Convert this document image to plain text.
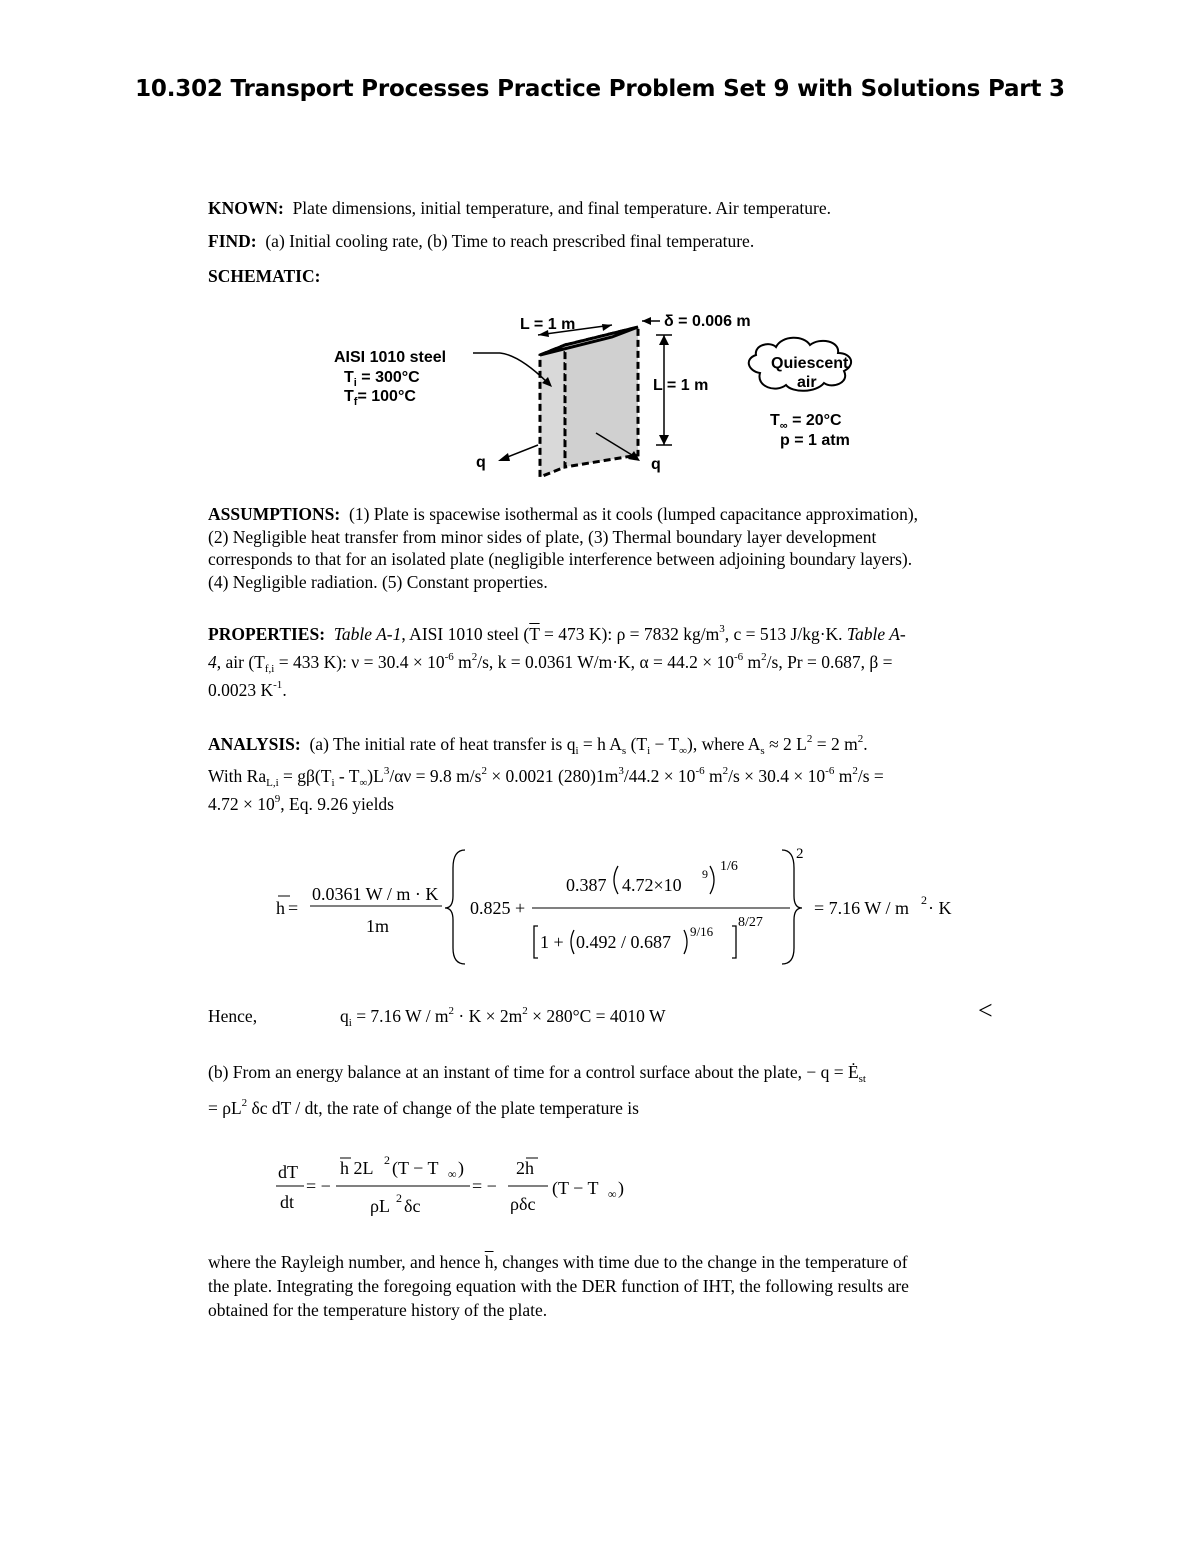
10.302 Transport Processes Practice Problem Set 9 with Solutions Part 3
KNOWN: Plate dimensions, initial temperature, and final temperature. Air temperature.
FIND: (a) Initial cooling rate, (b) Time to reach prescribed final temperature.
SCHEMATIC:
L = 1 m	δ = 0.006 m
L = 1 m
AISI 1010 steel
$T_i = 300^\circ C$
$T_f= 100^\circ C$
q	q
Quiescent
air
$T_\infty = 20^\circ C$
p = 1 atm
ASSUMPTIONS: (1) Plate is spacewise isothermal as it cools (lumped capacitance approximation),
(2) Negligible heat transfer from minor sides of plate, (3) Thermal boundary layer development
corresponds to that for an isolated plate (negligible interference between adjoining boundary layers).
(4) Negligible radiation. (5) Constant properties.
PROPERTIES: Table A-1, AISI 1010 steel ($\overline{T} = 473$ K): ρ = 7832 $kg/m^3$, c = 513 J/kg·K. Table A-
4, air ($T_{f,i} = 433$ K): $\nu = 30.4 \times 10^{-6}$ $m^2/s$, k = 0.0361 W/m·K, $\alpha = 44.2 \times 10^{-6}$ $m^2/s$, Pr = 0.687, β =
0.0023 $K^{-1}$.
ANALYSIS: (a) The initial rate of heat transfer is $q_i = h$ $A_s$ $(T_i - T_\infty)$, where $A_s \approx 2$ $L^2 = 2$ $m^2$.
With $Ra_{L,i} = g\beta(T_i - T_\infty)L^3/\alpha\nu = 9.8$ $m/s^2 \times 0.0021$ $(280)1m^3/44.2 \times 10^{-6}$ $m^2/s \times 30.4 \times 10^{-6}$ $m^2/s$ =
$4.72 \times 10^9$, Eq. 9.26 yields
h =
0.0361 W / m · K
1m
0.825 +
0.387 4.72×10
9 1/6
1 + 0.492 / 0.687
9/16
8/27
2
= 7.16 W / m 2 · K
Hence,	$q_i = 7.16$ $W / m^2 \cdot K \times 2m^2 \times 280^\circ C = 4010$ W	<
(b) From an energy balance at an instant of time for a control surface about the plate, − $q = Ė_{st}$
= $\rho L^2$ δc dT / dt, the rate of change of the plate temperature is
dT
dt
= −
h 2L 2 (T − T ∞ )
ρL 2 δc
= −
2h
ρδc
(T − T ∞ )
where the Rayleigh number, and hence $\overline{h}$, changes with time due to the change in the temperature of
the plate. Integrating the foregoing equation with the DER function of IHT, the following results are
obtained for the temperature history of the plate.
